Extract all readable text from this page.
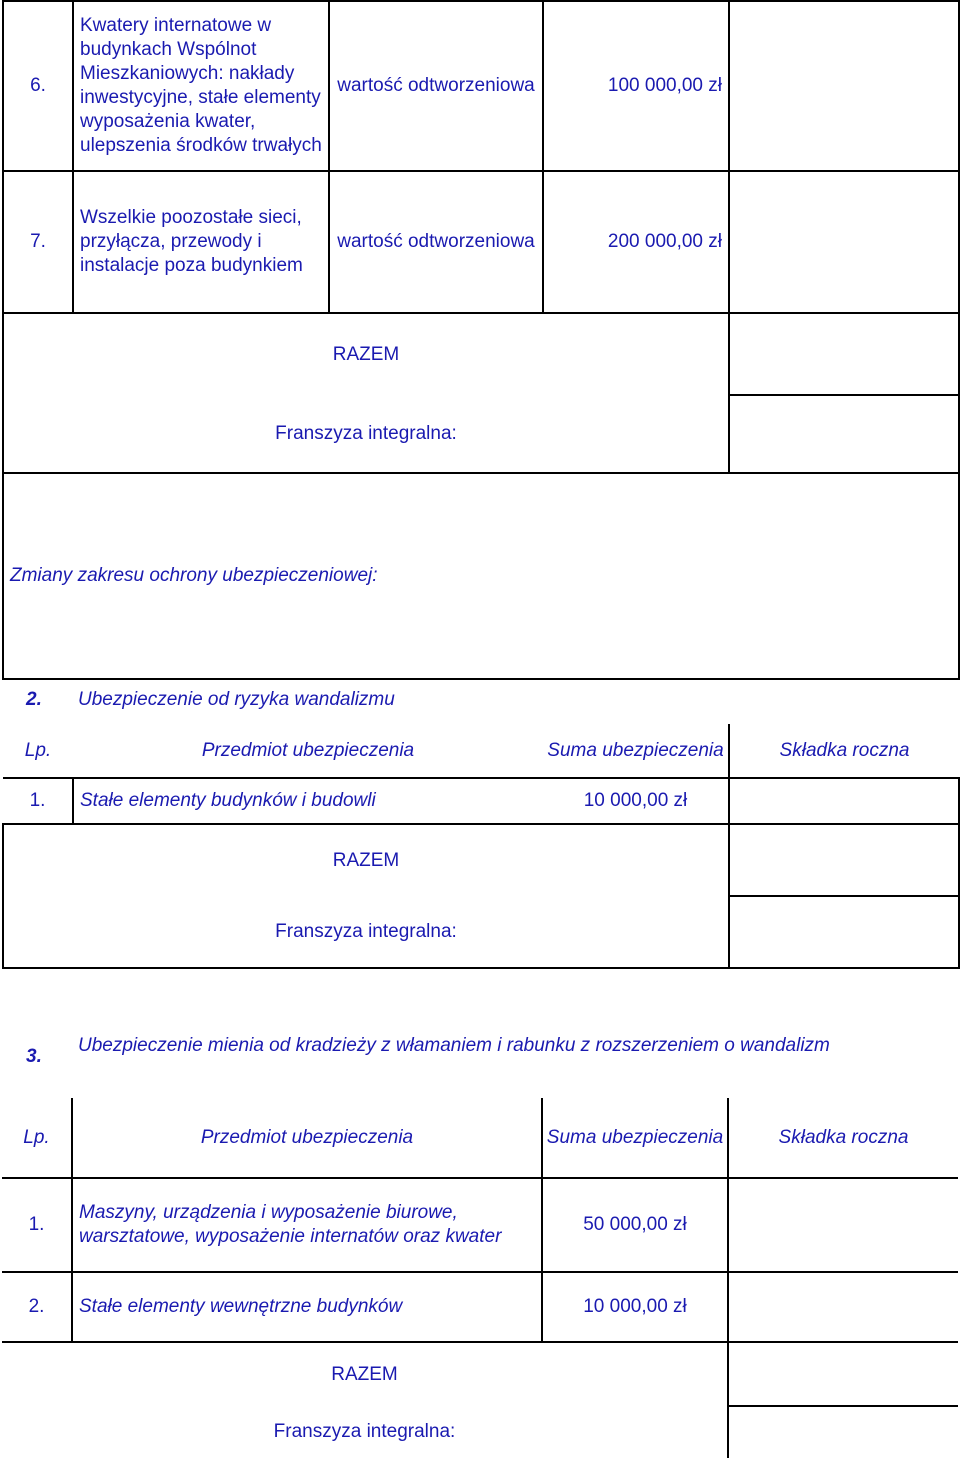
6.	Kwatery internatowe w budynkach Wspólnot Mieszkaniowych: nakłady inwestycyjne, stałe elementy wyposażenia kwater, ulepszenia środków trwałych	wartość odtworzeniowa	100 000,00 zł	
7.	Wszelkie poozostałe sieci, przyłącza, przewody i instalacje poza budynkiem	wartość odtworzeniowa	200 000,00 zł	
RAZEM				
Franszyza integralna:				
Zmiany zakresu ochrony ubezpieczeniowej:				
2. Ubezpieczenie od ryzyka wandalizmu
Lp.	Przedmiot ubezpieczenia	Suma ubezpieczenia	Składka roczna
1.	Stałe elementy budynków i budowli	10 000,00 zł	
RAZEM			
Franszyza integralna:			
3.
Ubezpieczenie mienia od kradzieży z włamaniem i rabunku z rozszerzeniem o wandalizm
Lp.	Przedmiot ubezpieczenia	Suma ubezpieczenia	Składka roczna
1.	Maszyny, urządzenia i wyposażenie biurowe, warsztatowe, wyposażenie internatów oraz kwater	50 000,00 zł	
2.	Stałe elementy wewnętrzne budynków	10 000,00 zł	
RAZEM			
Franszyza integralna:			
